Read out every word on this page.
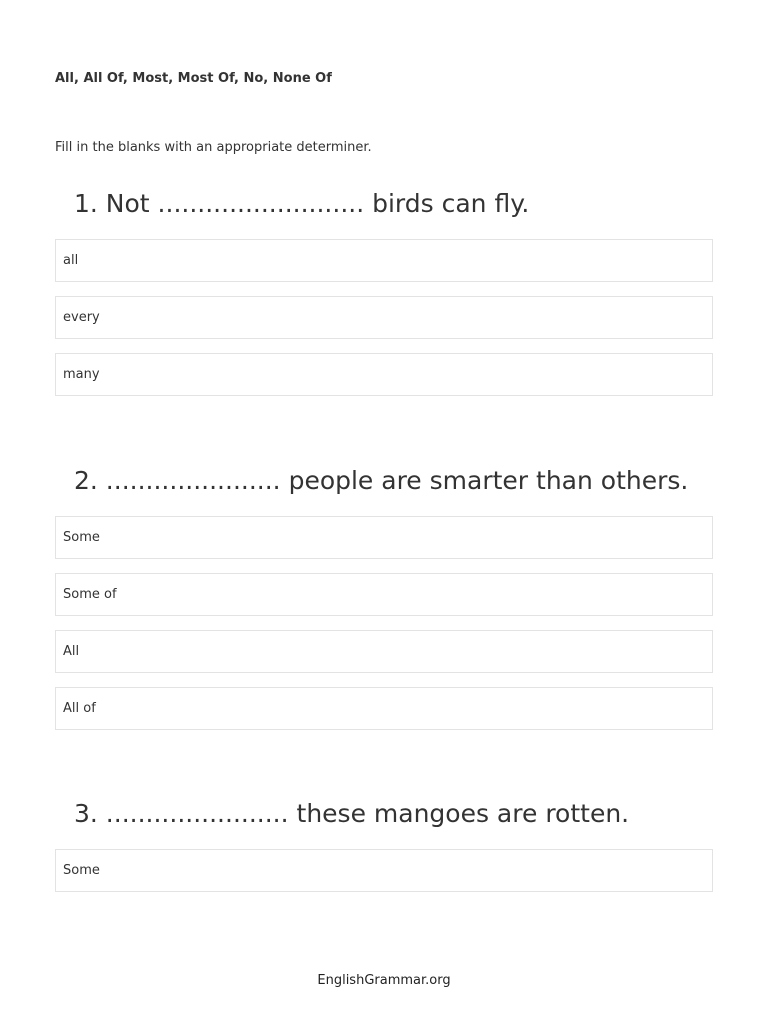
All, All Of, Most, Most Of, No, None Of

Fill in the blanks with an appropriate determiner.

1. Not .......................... birds can fly.

all
every
many

2. ...................... people are smarter than others.

Some
Some of
All
All of

3. ....................... these mangoes are rotten.

Some
EnglishGrammar.org
